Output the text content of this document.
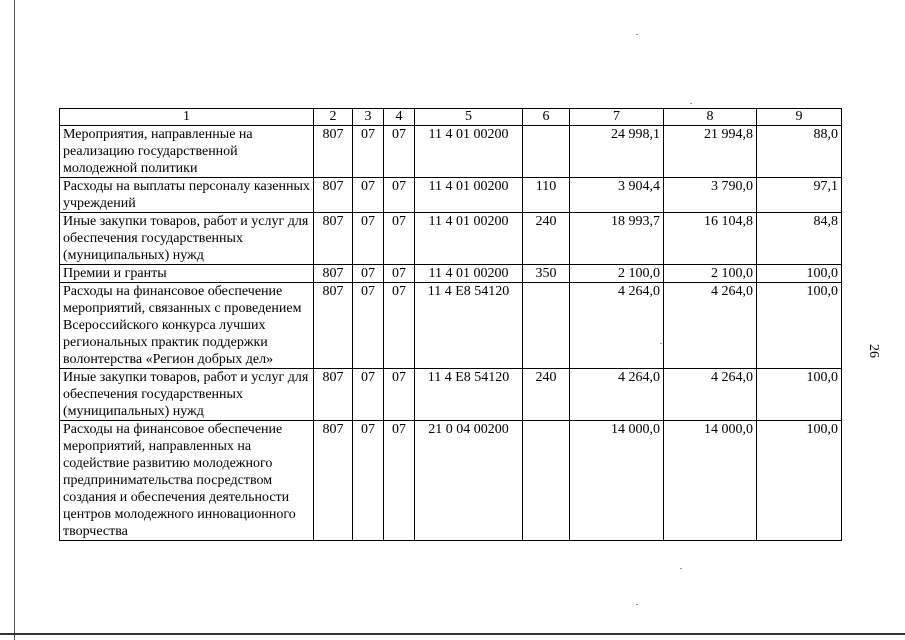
26
1	2	3	4	5	6	7	8	9
Мероприятия, направленные на реализацию государственной молодежной политики	807	07	07	11 4 01 00200		24 998,1	21 994,8	88,0
Расходы на выплаты персоналу казенных учреждений	807	07	07	11 4 01 00200	110	3 904,4	3 790,0	97,1
Иные закупки товаров, работ и услуг для обеспечения государственных (муниципальных) нужд	807	07	07	11 4 01 00200	240	18 993,7	16 104,8	84,8
Премии и гранты	807	07	07	11 4 01 00200	350	2 100,0	2 100,0	100,0
Расходы на финансовое обеспечение мероприятий, связанных с проведением Всероссийского конкурса лучших региональных практик поддержки волонтерства «Регион добрых дел»	807	07	07	11 4 E8 54120		4 264,0	4 264,0	100,0
Иные закупки товаров, работ и услуг для обеспечения государственных (муниципальных) нужд	807	07	07	11 4 E8 54120	240	4 264,0	4 264,0	100,0
Расходы на финансовое обеспечение мероприятий, направленных на содействие развитию молодежного предпринимательства посредством создания и обеспечения деятельности центров молодежного инновационного творчества	807	07	07	21 0 04 00200		14 000,0	14 000,0	100,0
